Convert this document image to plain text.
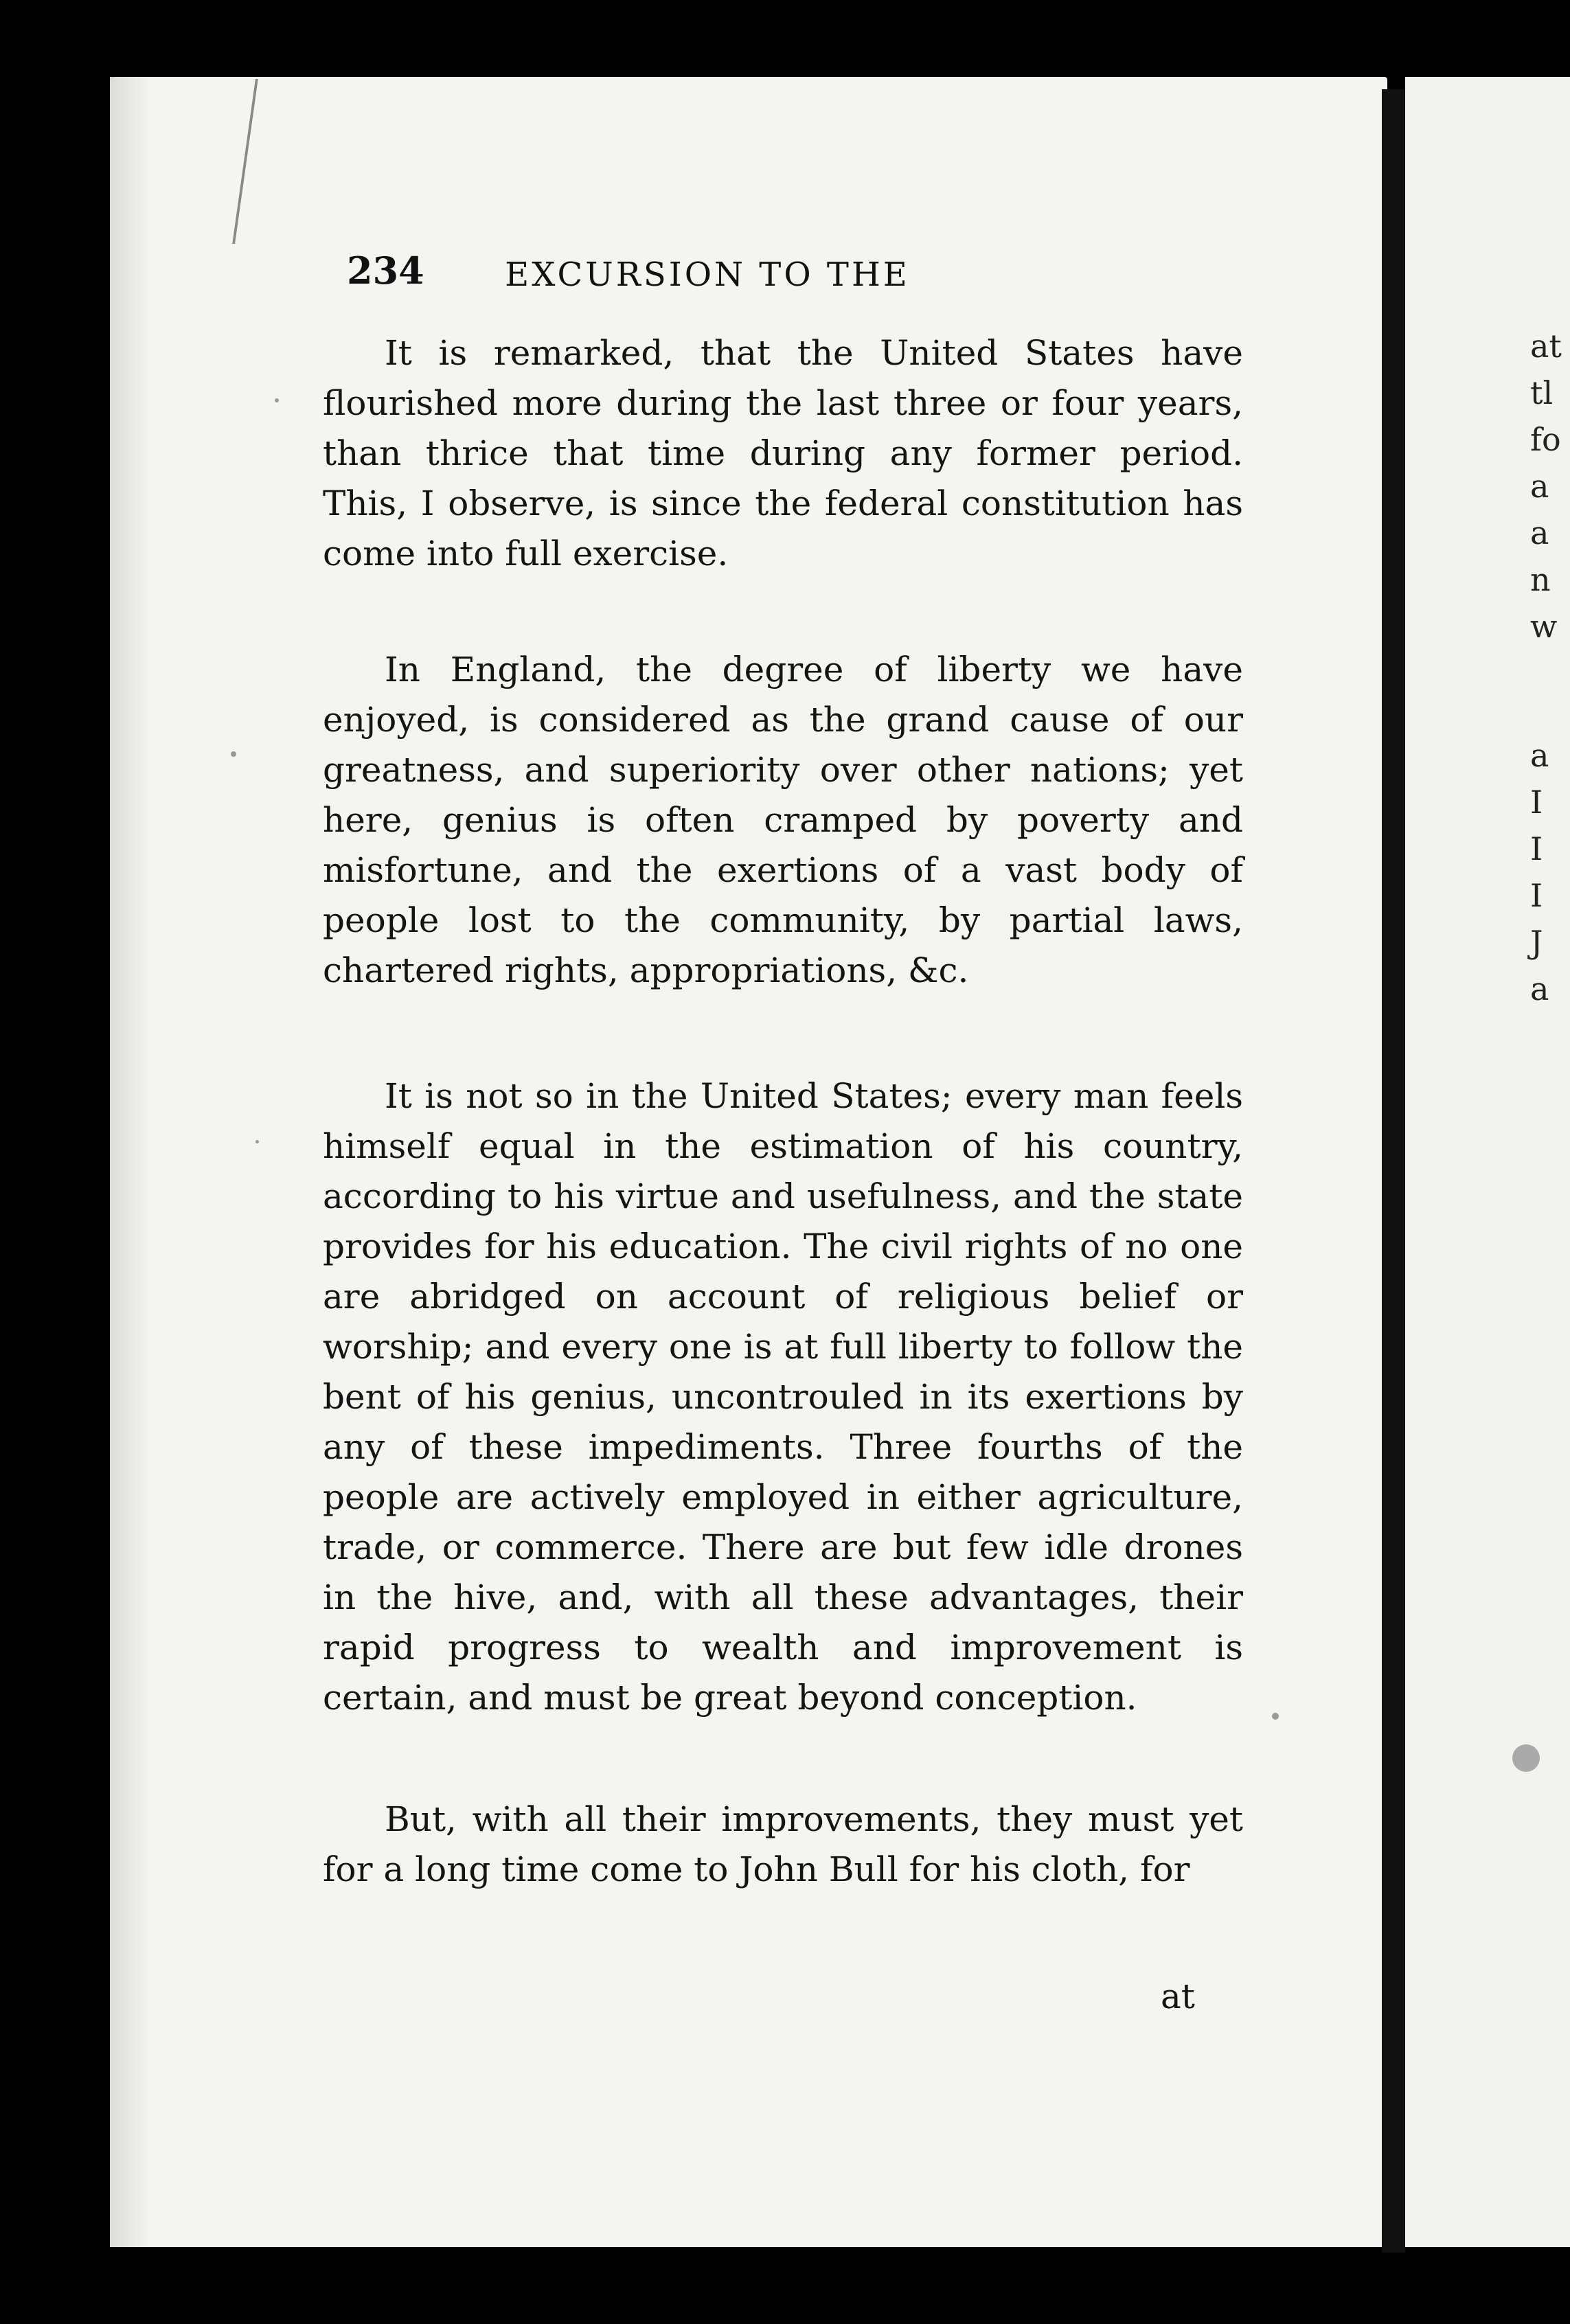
234	EXCURSION TO THE

It is remarked, that the United States have flourished more during the last three or four years, than thrice that time during any former period. This, I observe, is since the federal constitution has come into full exercise.

In England, the degree of liberty we have enjoyed, is considered as the grand cause of our greatness, and superiority over other nations; yet here, genius is often cramped by poverty and misfortune, and the exertions of a vast body of people lost to the community, by partial laws, chartered rights, appropriations, &c.

It is not so in the United States; every man feels himself equal in the estimation of his country, according to his virtue and usefulness, and the state provides for his education. The civil rights of no one are abridged on account of religious belief or worship; and every one is at full liberty to follow the bent of his genius, uncontrouled in its exertions by any of these impediments. Three fourths of the people are actively employed in either agriculture, trade, or commerce. There are but few idle drones in the hive, and, with all these advantages, their rapid progress to wealth and improvement is certain, and must be great beyond conception.

But, with all their improvements, they must yet for a long time come to John Bull for his cloth, for

at
at
tl
fo
a
a
n
w
a
I
I
I
J
a
